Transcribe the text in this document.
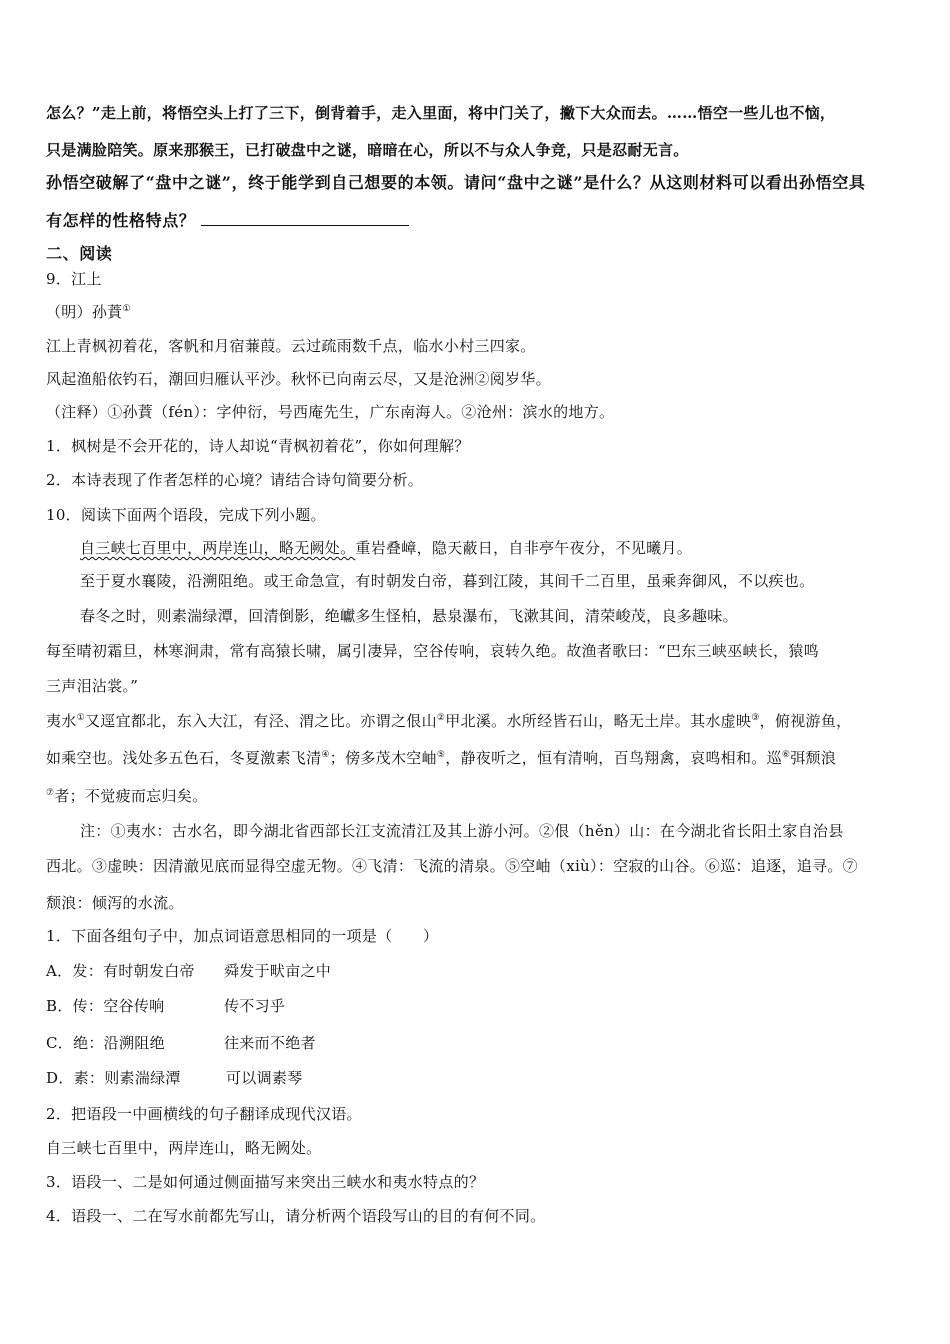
怎么？”走上前，将悟空头上打了三下，倒背着手，走入里面，将中门关了，撇下大众而去。……悟空一些儿也不恼，
只是满脸陪笑。原来那猴王，已打破盘中之谜，暗暗在心，所以不与众人争竞，只是忍耐无言。
孙悟空破解了“盘中之谜”，终于能学到自己想要的本领。请问“盘中之谜”是什么？从这则材料可以看出孙悟空具
有怎样的性格特点？
二、阅读
9．江上
（明）孙蕡①
江上青枫初着花，客帆和月宿蒹葭。云过疏雨数千点，临水小村三四家。
风起渔船依钓石，潮回归雁认平沙。秋怀已向南云尽，又是沧洲②阅岁华。
（注释）①孙蕡（fén）：字仲衍，号西庵先生，广东南海人。②沧州：滨水的地方。
1．枫树是不会开花的，诗人却说“青枫初着花”，你如何理解？
2．本诗表现了作者怎样的心境？请结合诗句简要分析。
10．阅读下面两个语段，完成下列小题。
自三峡七百里中，两岸连山，略无阙处。重岩叠嶂，隐天蔽日，自非亭午夜分，不见曦月。
至于夏水襄陵，沿溯阻绝。或王命急宣，有时朝发白帝，暮到江陵，其间千二百里，虽乘奔御风，不以疾也。
春冬之时，则素湍绿潭，回清倒影，绝巘多生怪柏，悬泉瀑布，飞漱其间，清荣峻茂，良多趣味。
每至晴初霜旦，林寒涧肃，常有高猿长啸，属引凄异，空谷传响，哀转久绝。故渔者歌曰：“巴东三峡巫峡长，猿鸣
三声泪沾裳。”
夷水①又逕宜都北，东入大江，有泾、渭之比。亦谓之佷山②甲北溪。水所经皆石山，略无土岸。其水虚映③，俯视游鱼，
如乘空也。浅处多五色石，冬夏激素飞清④；傍多茂木空岫⑤，静夜听之，恒有清响，百鸟翔禽，哀鸣相和。巡⑥弭颓浪
⑦者；不觉疲而忘归矣。
注：①夷水：古水名，即今湖北省西部长江支流清江及其上游小河。②佷（hěn）山：在今湖北省长阳土家自治县
西北。③虚映：因清澈见底而显得空虚无物。④飞清：飞流的清泉。⑤空岫（xiù）：空寂的山谷。⑥巡：追逐，追寻。⑦
颓浪：倾泻的水流。
1．下面各组句子中，加点词语意思相同的一项是（　　）
A．发：有时朝发白帝 舜发于畎亩之中
B．传：空谷传响	传不习乎
C．绝：沿溯阻绝	往来而不绝者
D．素：则素湍绿潭	可以调素琴
2．把语段一中画横线的句子翻译成现代汉语。
自三峡七百里中，两岸连山，略无阙处。
3．语段一、二是如何通过侧面描写来突出三峡水和夷水特点的？
4．语段一、二在写水前都先写山，请分析两个语段写山的目的有何不同。
